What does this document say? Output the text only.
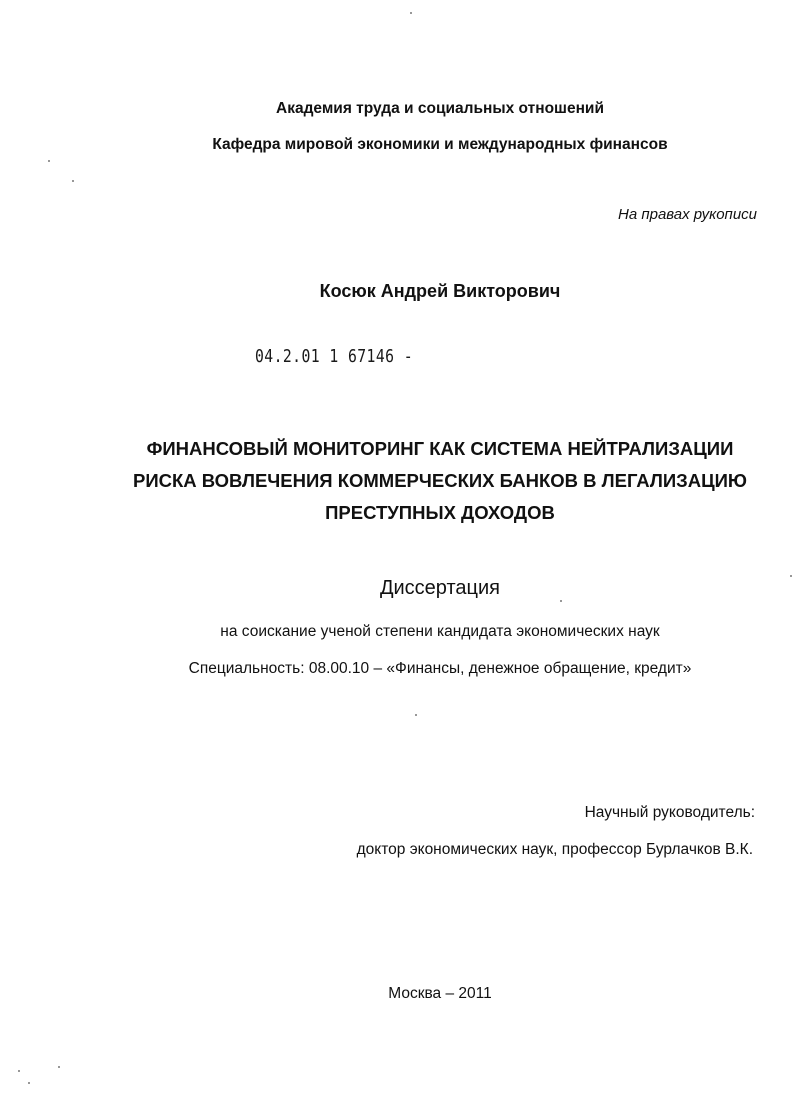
Академия труда и социальных отношений
Кафедра мировой экономики и международных финансов
На правах рукописи
Косюк Андрей Викторович
04.2.01 1 67146 -
ФИНАНСОВЫЙ МОНИТОРИНГ КАК СИСТЕМА НЕЙТРАЛИЗАЦИИ
РИСКА ВОВЛЕЧЕНИЯ КОММЕРЧЕСКИХ БАНКОВ В ЛЕГАЛИЗАЦИЮ
ПРЕСТУПНЫХ ДОХОДОВ
Диссертация
на соискание ученой степени кандидата экономических наук
Специальность: 08.00.10 – «Финансы, денежное обращение, кредит»
Научный руководитель:
доктор экономических наук, профессор Бурлачков В.К.
Москва – 2011
